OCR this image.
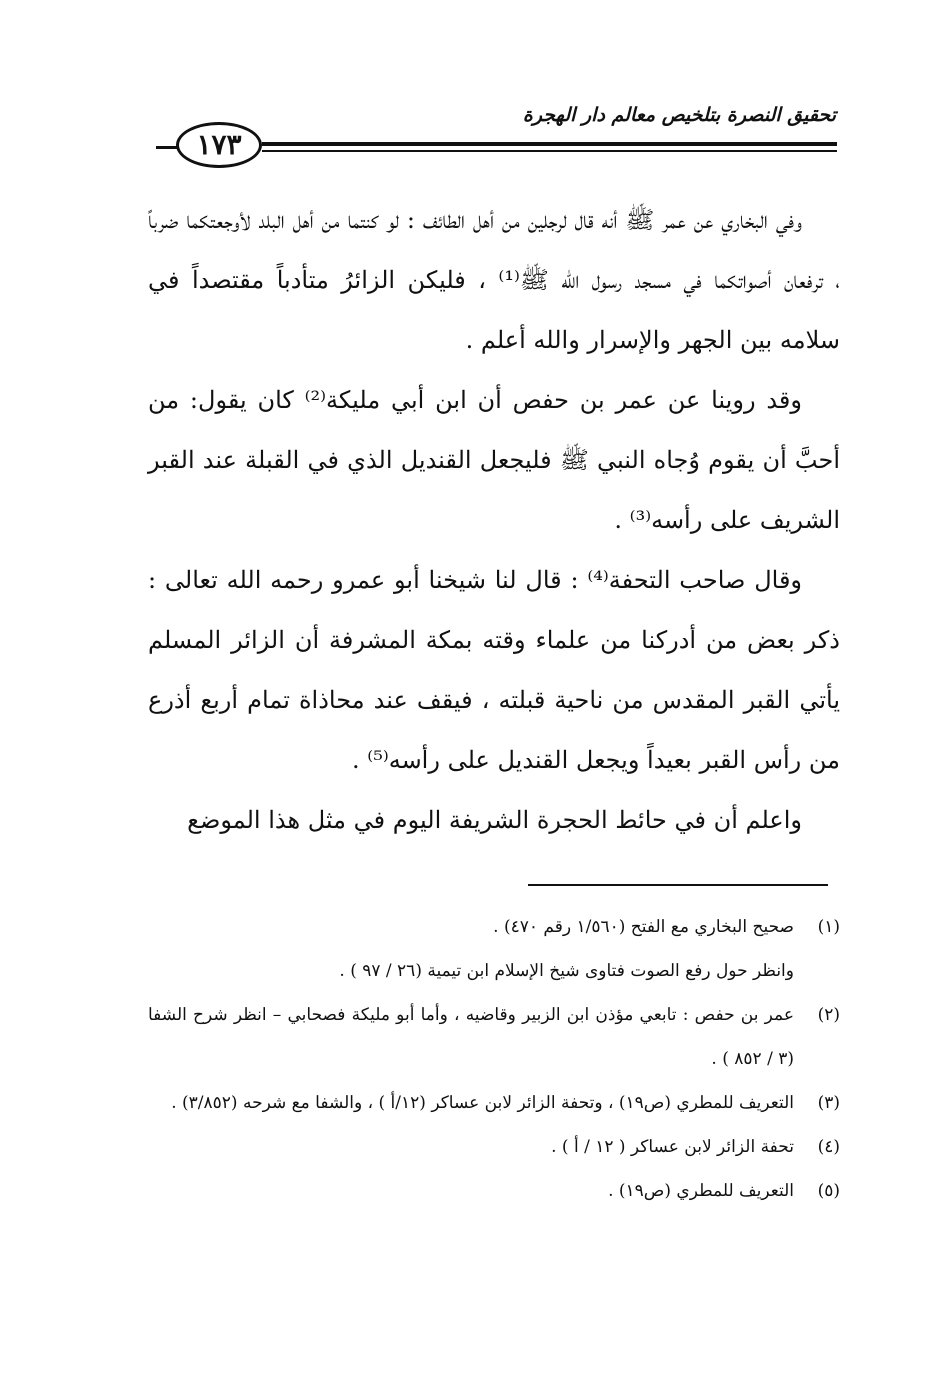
تحقيق النصرة بتلخيص معالم دار الهجرة
١٧٣

وفي البخاري عن عمر ﷺ أنه قال لرجلين من أهل الطائف : لو كنتما من أهل البلد لأوجعتكما ضرباً ، ترفعان أصواتكما في مسجد رسول الله ﷺ⁽¹⁾ ، فليكن الزائرُ متأدباً مقتصداً في سلامه بين الجهر والإسرار والله أعلم .

وقد روينا عن عمر بن حفص أن ابن أبي مليكة⁽²⁾ كان يقول: من أحبَّ أن يقوم وُجاه النبي ﷺ فليجعل القنديل الذي في القبلة عند القبر الشريف على رأسه⁽³⁾ .

وقال صاحب التحفة⁽⁴⁾ : قال لنا شيخنا أبو عمرو رحمه الله تعالى : ذكر بعض من أدركنا من علماء وقته بمكة المشرفة أن الزائر المسلم يأتي القبر المقدس من ناحية قبلته ، فيقف عند محاذاة تمام أربع أذرع من رأس القبر بعيداً ويجعل القنديل على رأسه⁽⁵⁾ .

واعلم أن في حائط الحجرة الشريفة اليوم في مثل هذا الموضع

(١)
صحيح البخاري مع الفتح (١/٥٦٠ رقم ٤٧٠) .
وانظر حول رفع الصوت فتاوى شيخ الإسلام ابن تيمية (٢٦ / ٩٧ ) .
(٢)
عمر بن حفص : تابعي مؤذن ابن الزبير وقاضيه ، وأما أبو مليكة فصحابي – انظر شرح الشفا (٣ / ٨٥٢ ) .
(٣)
التعريف للمطري (ص١٩) ، وتحفة الزائر لابن عساكر (١٢/أ ) ، والشفا مع شرحه (٣/٨٥٢) .
(٤)
تحفة الزائر لابن عساكر ( ١٢ / أ ) .
(٥)
التعريف للمطري (ص١٩) .
